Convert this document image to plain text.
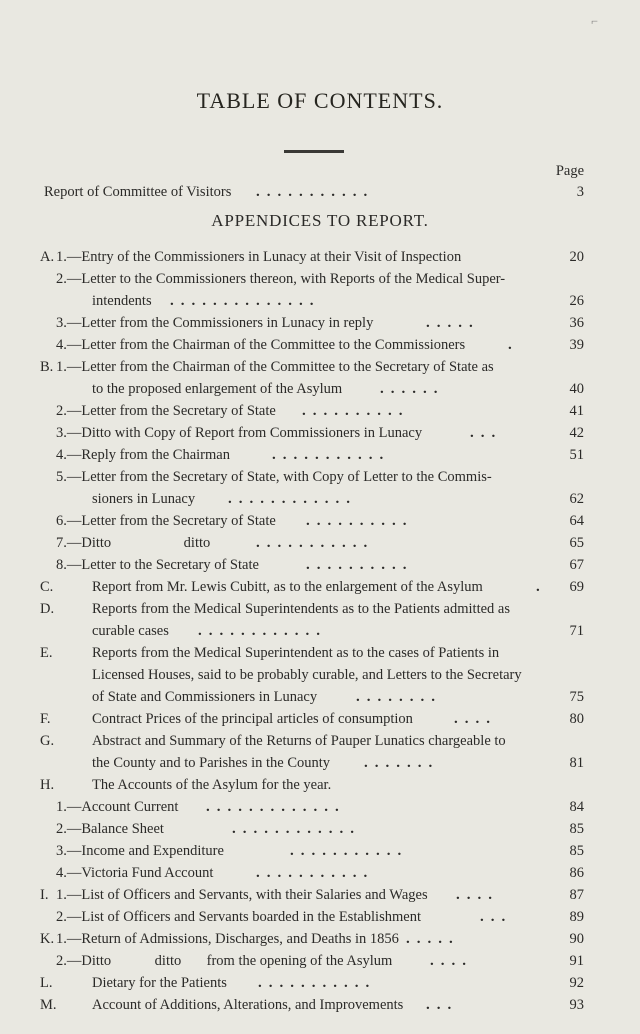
⌐
TABLE OF CONTENTS.
Page
Report of Committee of Visitors ...........	3
APPENDICES TO REPORT.
A. 1.—Entry of the Commissioners in Lunacy at their Visit of Inspection	20
2.—Letter to the Commissioners thereon, with Reports of the Medical Super-
intendents ..............	26
3.—Letter from the Commissioners in Lunacy in reply	.....	36
4.—Letter from the Chairman of the Committee to the Commissioners	.	39
B. 1.—Letter from the Chairman of the Committee to the Secretary of State as
to the proposed enlargement of the Asylum	......	40
2.—Letter from the Secretary of State ..........	41
3.—Ditto with Copy of Report from Commissioners in Lunacy	...	42
4.—Reply from the Chairman	...........	51
5.—Letter from the Secretary of State, with Copy of Letter to the Commis-
sioners in Lunacy ............	62
6.—Letter from the Secretary of State ..........	64
7.—Ditto                    ditto	...........	65
8.—Letter to the Secretary of State	..........	67
C.	Report from Mr. Lewis Cubitt, as to the enlargement of the Asylum	.	69
D.	Reports from the Medical Superintendents as to the Patients admitted as
curable cases ............	71
E.	Reports from the Medical Superintendent as to the cases of Patients in
Licensed Houses, said to be probably curable, and Letters to the Secretary
of State and Commissioners in Lunacy	........	75
F.	Contract Prices of the principal articles of consumption	....	80
G.	Abstract and Summary of the Returns of Pauper Lunatics chargeable to
the County and to Parishes in the County .......	81
H.	The Accounts of the Asylum for the year.
1.—Account Current .............	84
2.—Balance Sheet	............	85
3.—Income and Expenditure	...........	85
4.—Victoria Fund Account	...........	86
I. 1.—List of Officers and Servants, with their Salaries and Wages ....	87
2.—List of Officers and Servants boarded in the Establishment	...	89
K. 1.—Return of Admissions, Discharges, and Deaths in 1856 .....	90
2.—Ditto            ditto       from the opening of the Asylum	....	91
L.	Dietary for the Patients ...........	92
M. Account of Additions, Alterations, and Improvements ...	93
